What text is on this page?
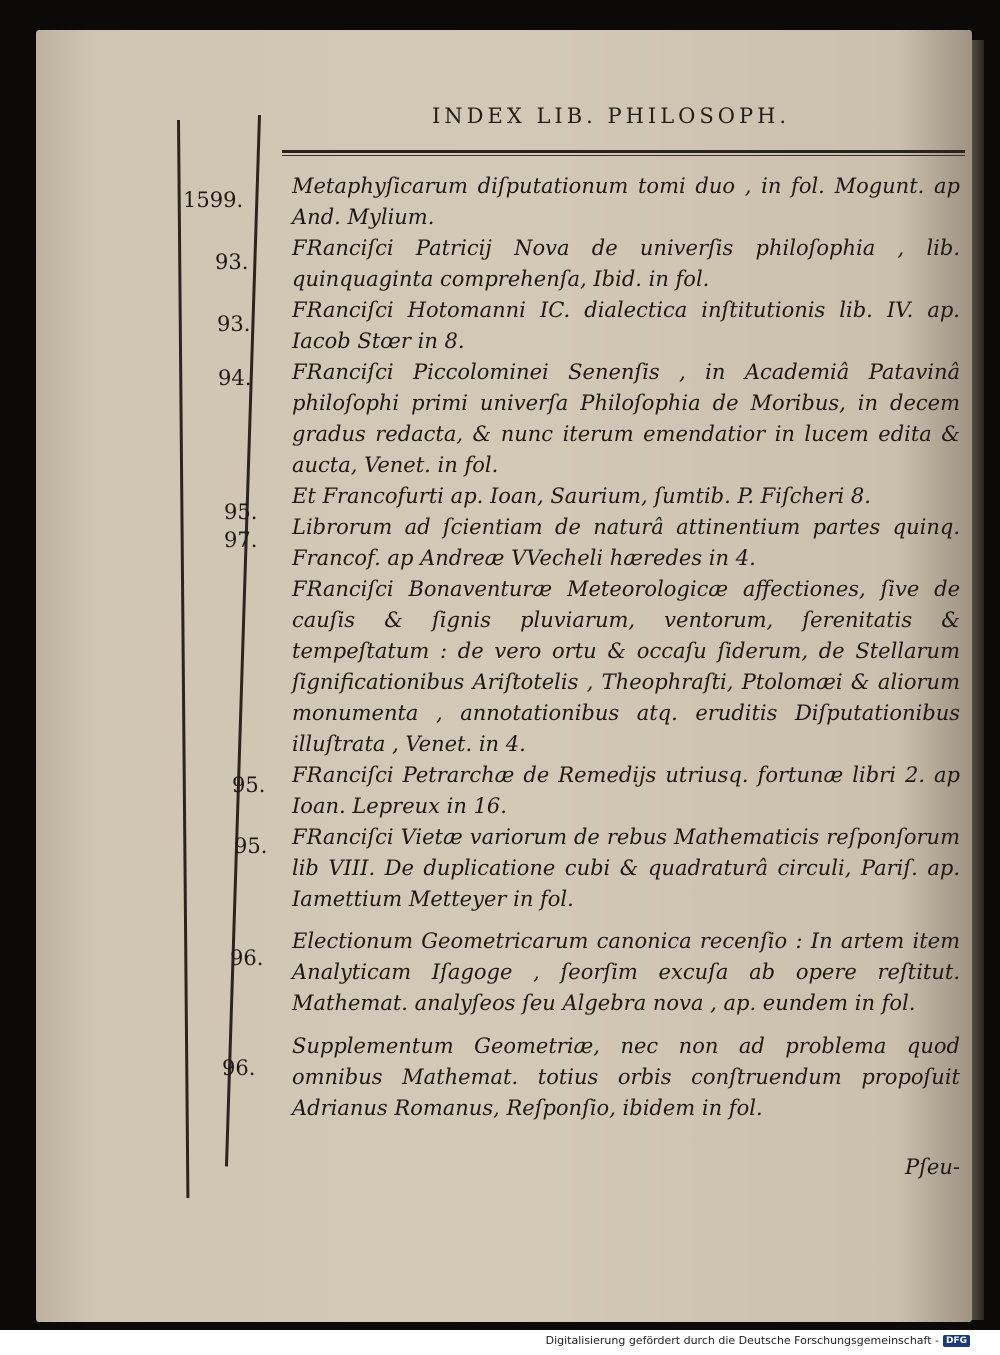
INDEX LIB. PHILOSOPH.
1599.
93.
93.
94.
95.
97.
95.
95.
96.
96.
Metaphyſicarum diſputationum tomi duo , in fol. Mogunt. ap And. Mylium.
FRanciſci Patricij Nova de univerſis philoſophia , lib. quinquaginta comprehenſa, Ibid. in fol.
FRanciſci Hotomanni IC. dialectica inſtitutionis lib. IV. ap. Iacob Stœr in 8.
FRanciſci Piccolominei Senenſis , in Academiâ Patavinâ philoſophi primi univerſa Philoſophia de Moribus, in decem gradus redacta, & nunc iterum emendatior in lucem edita & aucta, Venet. in fol.
Et Francofurti ap. Ioan, Saurium, ſumtib. P. Fiſcheri 8.
Librorum ad ſcientiam de naturâ attinentium partes quinq. Francof. ap Andreæ VVecheli hæredes in 4.
FRanciſci Bonaventuræ Meteorologicæ affectiones, ſive de cauſis & ſignis pluviarum, ventorum, ſerenitatis & tempeſtatum : de vero ortu & occaſu ſiderum, de Stellarum ſignificationibus Ariſtotelis , Theophraſti, Ptolomæi & aliorum monumenta , annotationibus atq. eruditis Diſputationibus illuſtrata , Venet. in 4.
FRanciſci Petrarchæ de Remedijs utriusq. fortunæ libri 2. ap Ioan. Lepreux in 16.
FRanciſci Vietæ variorum de rebus Mathematicis reſponſorum lib VIII. De duplicatione cubi & quadraturâ circuli, Pariſ. ap. Iamettium Metteyer in fol.
Electionum Geometricarum canonica recenſio : In artem item Analyticam Iſagoge , ſeorſim excuſa ab opere reſtitut. Mathemat. analyſeos ſeu Algebra nova , ap. eundem in fol.
Supplementum Geometriæ, nec non ad problema quod omnibus Mathemat. totius orbis conſtruendum propoſuit Adrianus Romanus, Reſponſio, ibidem in fol.
Pſeu-
Digitalisierung gefördert durch die Deutsche Forschungsgemeinschaft - DFG
